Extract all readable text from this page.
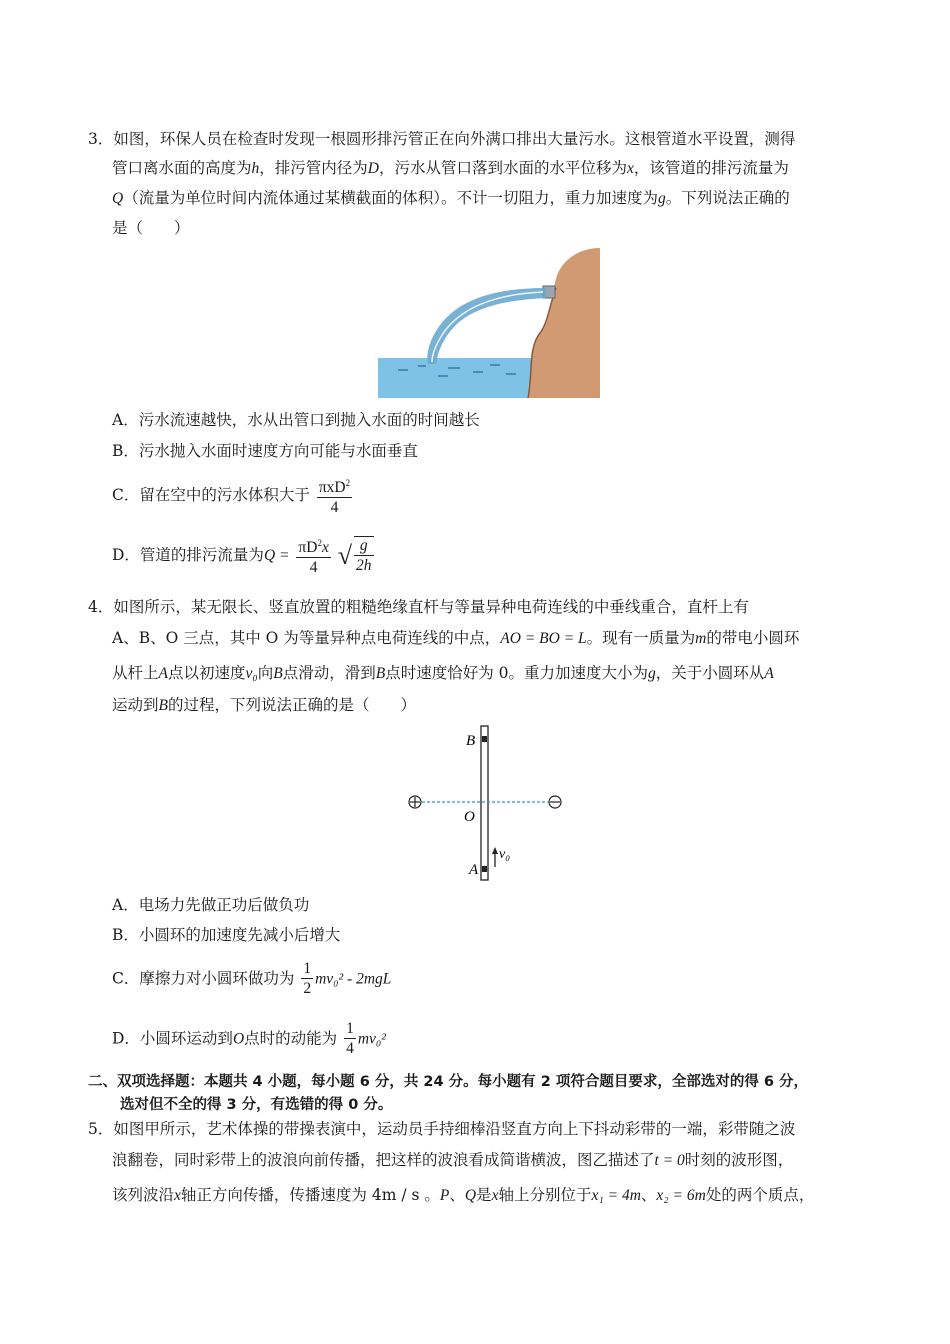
3．如图，环保人员在检查时发现一根圆形排污管正在向外满口排出大量污水。这根管道水平设置，测得
管口离水面的高度为h，排污管内径为D，污水从管口落到水面的水平位移为x，该管道的排污流量为
Q（流量为单位时间内流体通过某横截面的体积）。不计一切阻力，重力加速度为g。下列说法正确的
是（　　）
A．污水流速越快，水从出管口到抛入水面的时间越长
B．污水抛入水面时速度方向可能与水面垂直
C．留在空中的污水体积大于 $\frac{\pi xD^2}{4}$
D．管道的排污流量为$Q = \frac{\pi D^2x}{4}$ √ $\frac{g}{2h}$
4．如图所示，某无限长、竖直放置的粗糙绝缘直杆与等量异种电荷连线的中垂线重合，直杆上有
A、B、O 三点，其中 O 为等量异种点电荷连线的中点，AO = BO = L。现有一质量为m的带电小圆环
从杆上A点以初速度v₀向B点滑动，滑到B点时速度恰好为 0。重力加速度大小为g，关于小圆环从A
运动到B的过程，下列说法正确的是（　　）
B
O
A
v₀
A．电场力先做正功后做负功
B．小圆环的加速度先减小后增大
C．摩擦力对小圆环做功为 $\frac{1}{2} mv_0^2 - 2mgL$
D．小圆环运动到O点时的动能为 $\frac{1}{4} mv_0^2$
二、双项选择题：本题共 4 小题，每小题 6 分，共 24 分。每小题有 2 项符合题目要求，全部选对的得 6 分，
选对但不全的得 3 分，有选错的得 0 分。
5．如图甲所示，艺术体操的带操表演中，运动员手持细棒沿竖直方向上下抖动彩带的一端，彩带随之波
浪翻卷，同时彩带上的波浪向前传播，把这样的波浪看成简谐横波，图乙描述了t = 0时刻的波形图，
该列波沿x轴正方向传播，传播速度为 4m / s 。P、Q是x轴上分别位于x₁ = 4m、x₂ = 6m处的两个质点，
